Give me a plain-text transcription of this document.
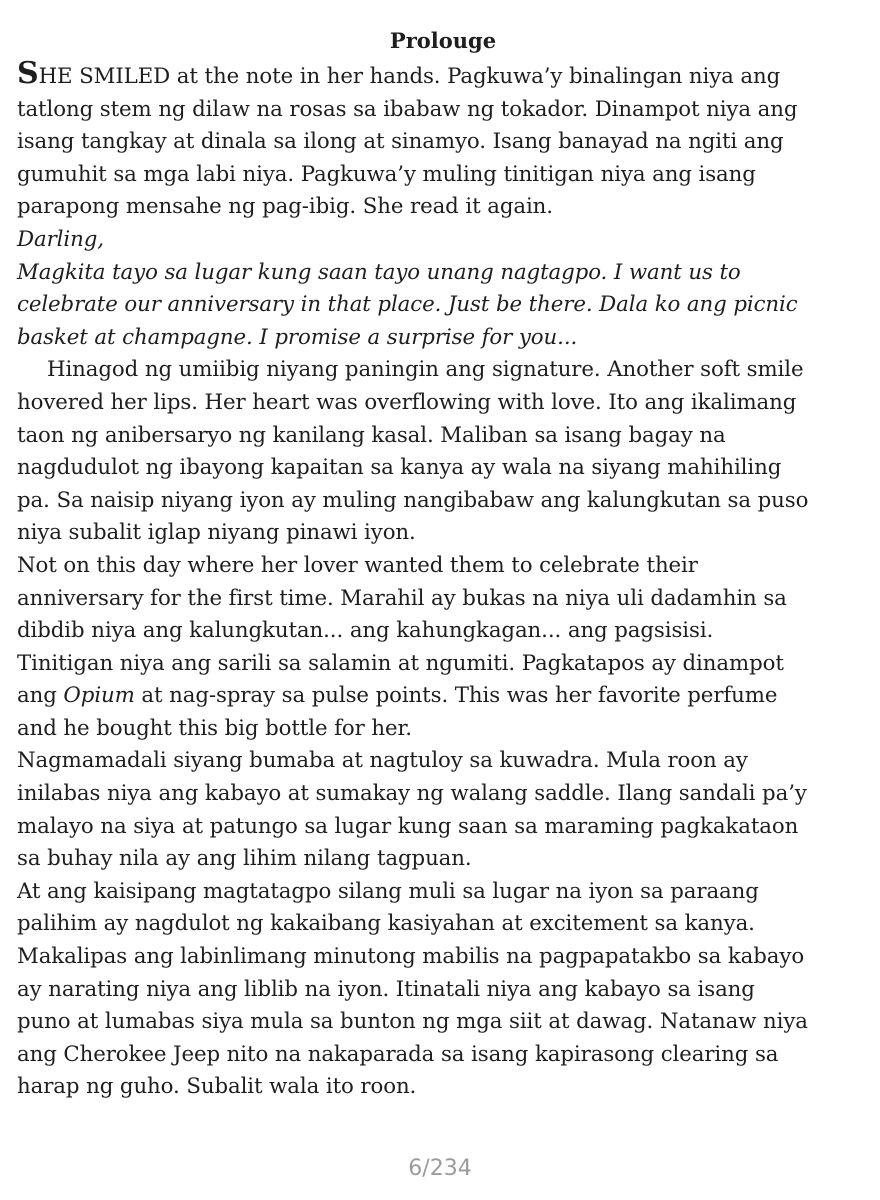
Prolouge
SHE SMILED at the note in her hands. Pagkuwa’y binalingan niya ang
tatlong stem ng dilaw na rosas sa ibabaw ng tokador. Dinampot niya ang
isang tangkay at dinala sa ilong at sinamyo. Isang banayad na ngiti ang
gumuhit sa mga labi niya. Pagkuwa’y muling tinitigan niya ang isang
parapong mensahe ng pag-ibig. She read it again.
Darling,
Magkita tayo sa lugar kung saan tayo unang nagtagpo. I want us to
celebrate our anniversary in that place. Just be there. Dala ko ang picnic
basket at champagne. I promise a surprise for you...
Hinagod ng umiibig niyang paningin ang signature. Another soft smile
hovered her lips. Her heart was overflowing with love. Ito ang ikalimang
taon ng anibersaryo ng kanilang kasal. Maliban sa isang bagay na
nagdudulot ng ibayong kapaitan sa kanya ay wala na siyang mahihiling
pa. Sa naisip niyang iyon ay muling nangibabaw ang kalungkutan sa puso
niya subalit iglap niyang pinawi iyon.
Not on this day where her lover wanted them to celebrate their
anniversary for the first time. Marahil ay bukas na niya uli dadamhin sa
dibdib niya ang kalungkutan... ang kahungkagan... ang pagsisisi.
Tinitigan niya ang sarili sa salamin at ngumiti. Pagkatapos ay dinampot
ang Opium at nag-spray sa pulse points. This was her favorite perfume
and he bought this big bottle for her.
Nagmamadali siyang bumaba at nagtuloy sa kuwadra. Mula roon ay
inilabas niya ang kabayo at sumakay ng walang saddle. Ilang sandali pa’y
malayo na siya at patungo sa lugar kung saan sa maraming pagkakataon
sa buhay nila ay ang lihim nilang tagpuan.
At ang kaisipang magtatagpo silang muli sa lugar na iyon sa paraang
palihim ay nagdulot ng kakaibang kasiyahan at excitement sa kanya.
Makalipas ang labinlimang minutong mabilis na pagpapatakbo sa kabayo
ay narating niya ang liblib na iyon. Itinatali niya ang kabayo sa isang
puno at lumabas siya mula sa bunton ng mga siit at dawag. Natanaw niya
ang Cherokee Jeep nito na nakaparada sa isang kapirasong clearing sa
harap ng guho. Subalit wala ito roon.
6/234
